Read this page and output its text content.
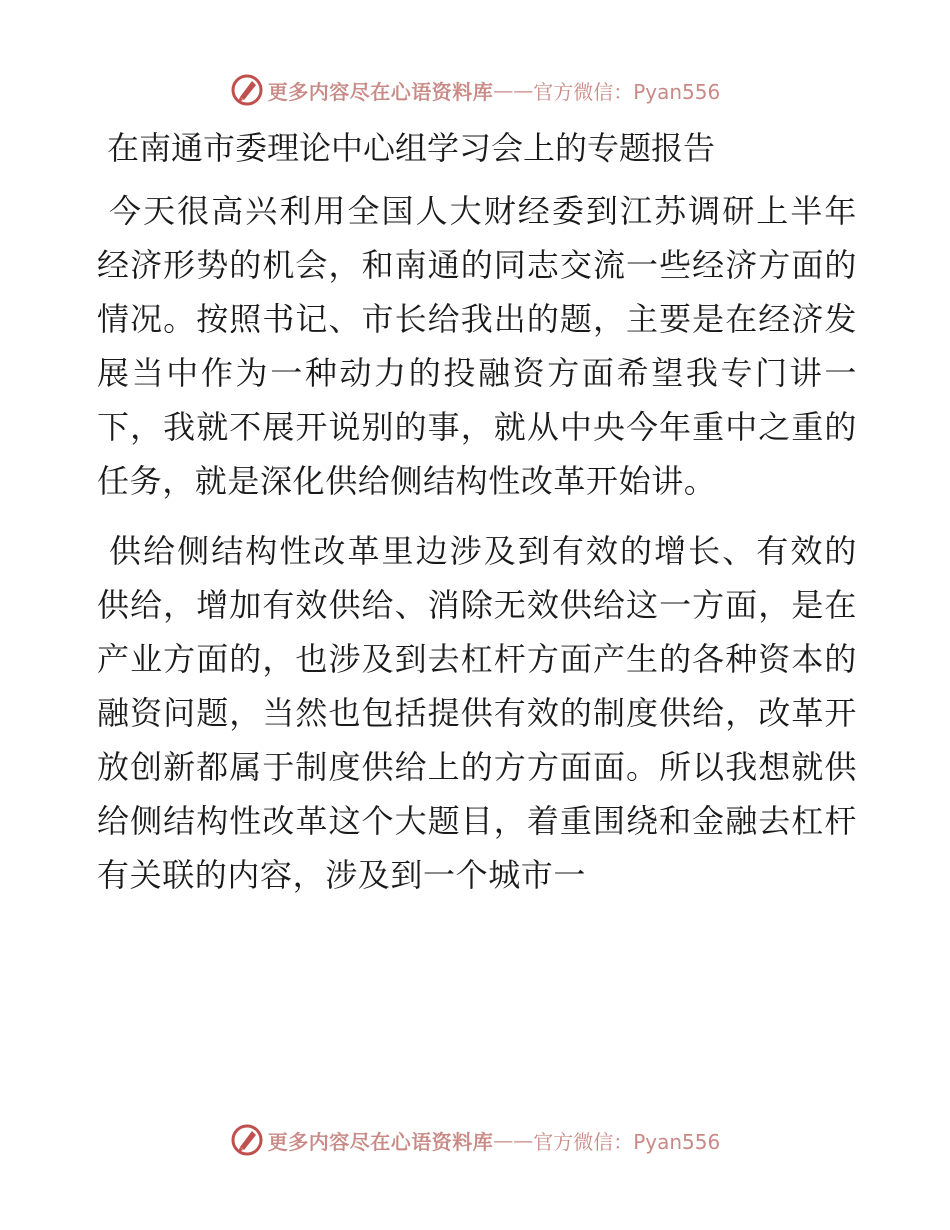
更多内容尽在心语资料库 —— 官方微信：Pyan556
在南通市委理论中心组学习会上的专题报告

今天很高兴利用全国人大财经委到江苏调研上半年经济形势的机会，和南通的同志交流一些经济方面的情况。按照书记、市长给我出的题，主要是在经济发展当中作为一种动力的投融资方面希望我专门讲一下，我就不展开说别的事，就从中央今年重中之重的任务，就是深化供给侧结构性改革开始讲。

供给侧结构性改革里边涉及到有效的增长、有效的供给，增加有效供给、消除无效供给这一方面，是在产业方面的，也涉及到去杠杆方面产生的各种资本的融资问题，当然也包括提供有效的制度供给，改革开放创新都属于制度供给上的方方面面。所以我想就供给侧结构性改革这个大题目，着重围绕和金融去杠杆有关联的内容，涉及到一个城市一

更多内容尽在心语资料库 —— 官方微信：Pyan556
